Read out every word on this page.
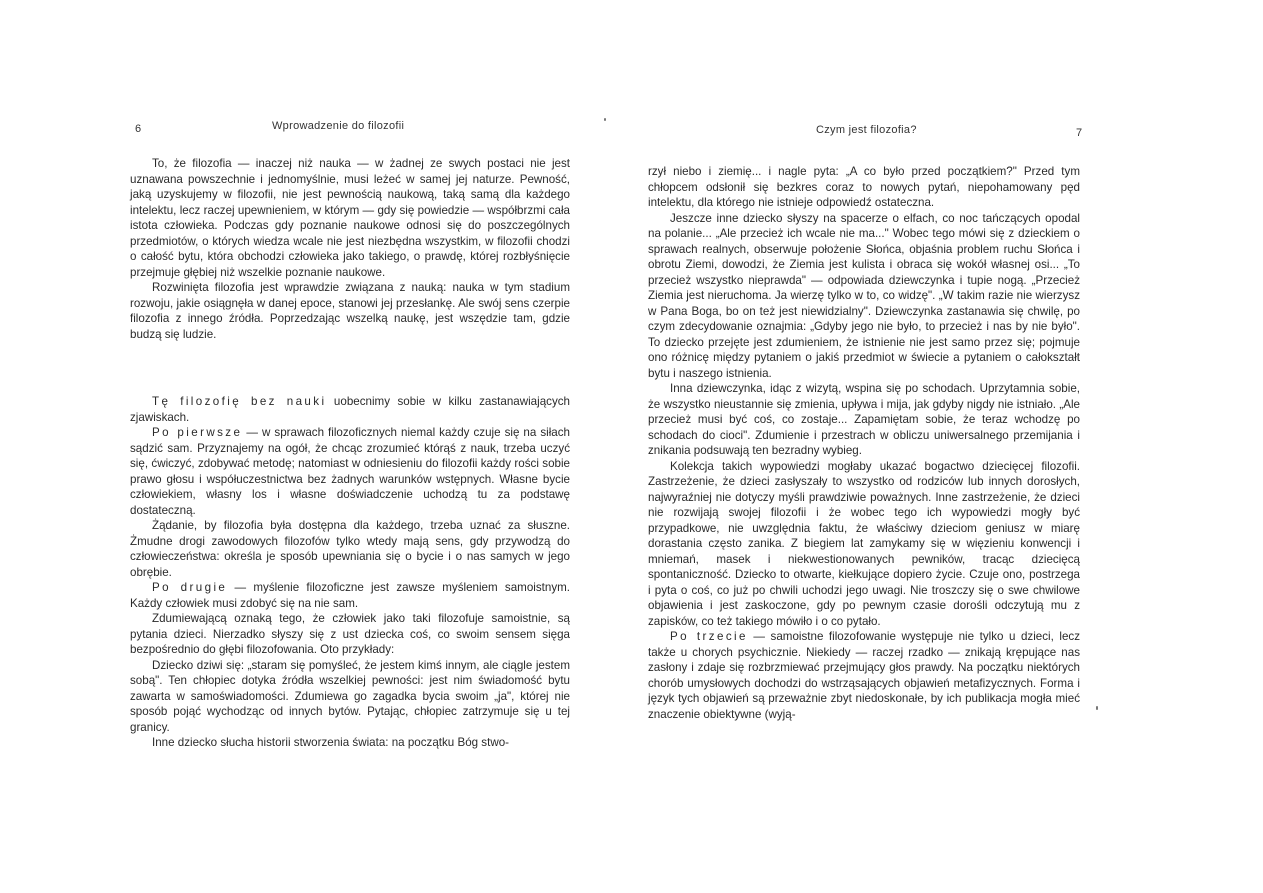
6	Wprowadzenie do filozofii

To, że filozofia — inaczej niż nauka — w żadnej ze swych postaci nie jest uznawana powszechnie i jednomyślnie, musi leżeć w samej jej naturze. Pewność, jaką uzyskujemy w filozofii, nie jest pewnością naukową, taką samą dla każdego intelektu, lecz raczej upewnieniem, w którym — gdy się powiedzie — współbrzmi cała istota człowieka. Podczas gdy poznanie naukowe odnosi się do poszczególnych przedmiotów, o których wiedza wcale nie jest niezbędna wszystkim, w filozofii chodzi o całość bytu, która obchodzi człowieka jako takiego, o prawdę, której rozbłyśnięcie przejmuje głębiej niż wszelkie poznanie naukowe.

Rozwinięta filozofia jest wprawdzie związana z nauką: nauka w tym stadium rozwoju, jakie osiągnęła w danej epoce, stanowi jej przesłankę. Ale swój sens czerpie filozofia z innego źródła. Poprzedzając wszelką naukę, jest wszędzie tam, gdzie budzą się ludzie.

Tę filozofię bez nauki uobecnimy sobie w kilku zastanawiających zjawiskach.

Po pierwsze — w sprawach filozoficznych niemal każdy czuje się na siłach sądzić sam. Przyznajemy na ogół, że chcąc zrozumieć którąś z nauk, trzeba uczyć się, ćwiczyć, zdobywać metodę; natomiast w odniesieniu do filozofii każdy rości sobie prawo głosu i współuczestnictwa bez żadnych warunków wstępnych. Własne bycie człowiekiem, własny los i własne doświadczenie uchodzą tu za podstawę dostateczną.

Żądanie, by filozofia była dostępna dla każdego, trzeba uznać za słuszne. Żmudne drogi zawodowych filozofów tylko wtedy mają sens, gdy przywodzą do człowieczeństwa: określa je sposób upewniania się o bycie i o nas samych w jego obrębie.

Po drugie — myślenie filozoficzne jest zawsze myśleniem samoistnym. Każdy człowiek musi zdobyć się na nie sam.

Zdumiewającą oznaką tego, że człowiek jako taki filozofuje samoistnie, są pytania dzieci. Nierzadko słyszy się z ust dziecka coś, co swoim sensem sięga bezpośrednio do głębi filozofowania. Oto przykłady:

Dziecko dziwi się: „staram się pomyśleć, że jestem kimś innym, ale ciągle jestem sobą". Ten chłopiec dotyka źródła wszelkiej pewności: jest nim świadomość bytu zawarta w samoświadomości. Zdumiewa go zagadka bycia swoim „ja", której nie sposób pojąć wychodząc od innych bytów. Pytając, chłopiec zatrzymuje się u tej granicy.

Inne dziecko słucha historii stworzenia świata: na początku Bóg stwo-

Czym jest filozofia?	7

rzył niebo i ziemię... i nagle pyta: „A co było przed początkiem?" Przed tym chłopcem odsłonił się bezkres coraz to nowych pytań, niepohamowany pęd intelektu, dla którego nie istnieje odpowiedź ostateczna.

Jeszcze inne dziecko słyszy na spacerze o elfach, co noc tańczących opodal na polanie... „Ale przecież ich wcale nie ma..." Wobec tego mówi się z dzieckiem o sprawach realnych, obserwuje położenie Słońca, objaśnia problem ruchu Słońca i obrotu Ziemi, dowodzi, że Ziemia jest kulista i obraca się wokół własnej osi... „To przecież wszystko nieprawda" — odpowiada dziewczynka i tupie nogą. „Przecież Ziemia jest nieruchoma. Ja wierzę tylko w to, co widzę". „W takim razie nie wierzysz w Pana Boga, bo on też jest niewidzialny". Dziewczynka zastanawia się chwilę, po czym zdecydowanie oznajmia: „Gdyby jego nie było, to przecież i nas by nie było". To dziecko przejęte jest zdumieniem, że istnienie nie jest samo przez się; pojmuje ono różnicę między pytaniem o jakiś przedmiot w świecie a pytaniem o całokształt bytu i naszego istnienia.

Inna dziewczynka, idąc z wizytą, wspina się po schodach. Uprzytamnia sobie, że wszystko nieustannie się zmienia, upływa i mija, jak gdyby nigdy nie istniało. „Ale przecież musi być coś, co zostaje... Zapamiętam sobie, że teraz wchodzę po schodach do cioci". Zdumienie i przestrach w obliczu uniwersalnego przemijania i znikania podsuwają ten bezradny wybieg.

Kolekcja takich wypowiedzi mogłaby ukazać bogactwo dziecięcej filozofii. Zastrzeżenie, że dzieci zasłyszały to wszystko od rodziców lub innych dorosłych, najwyraźniej nie dotyczy myśli prawdziwie poważnych. Inne zastrzeżenie, że dzieci nie rozwijają swojej filozofii i że wobec tego ich wypowiedzi mogły być przypadkowe, nie uwzględnia faktu, że właściwy dzieciom geniusz w miarę dorastania często zanika. Z biegiem lat zamykamy się w więzieniu konwencji i mniemań, masek i niekwestionowanych pewników, tracąc dziecięcą spontaniczność. Dziecko to otwarte, kiełkujące dopiero życie. Czuje ono, postrzega i pyta o coś, co już po chwili uchodzi jego uwagi. Nie troszczy się o swe chwilowe objawienia i jest zaskoczone, gdy po pewnym czasie dorośli odczytują mu z zapisków, co też takiego mówiło i o co pytało.

Po trzecie — samoistne filozofowanie występuje nie tylko u dzieci, lecz także u chorych psychicznie. Niekiedy — raczej rzadko — znikają krępujące nas zasłony i zdaje się rozbrzmiewać przejmujący głos prawdy. Na początku niektórych chorób umysłowych dochodzi do wstrząsających objawień metafizycznych. Forma i język tych objawień są przeważnie zbyt niedoskonałe, by ich publikacja mogła mieć znaczenie obiektywne (wyją-
